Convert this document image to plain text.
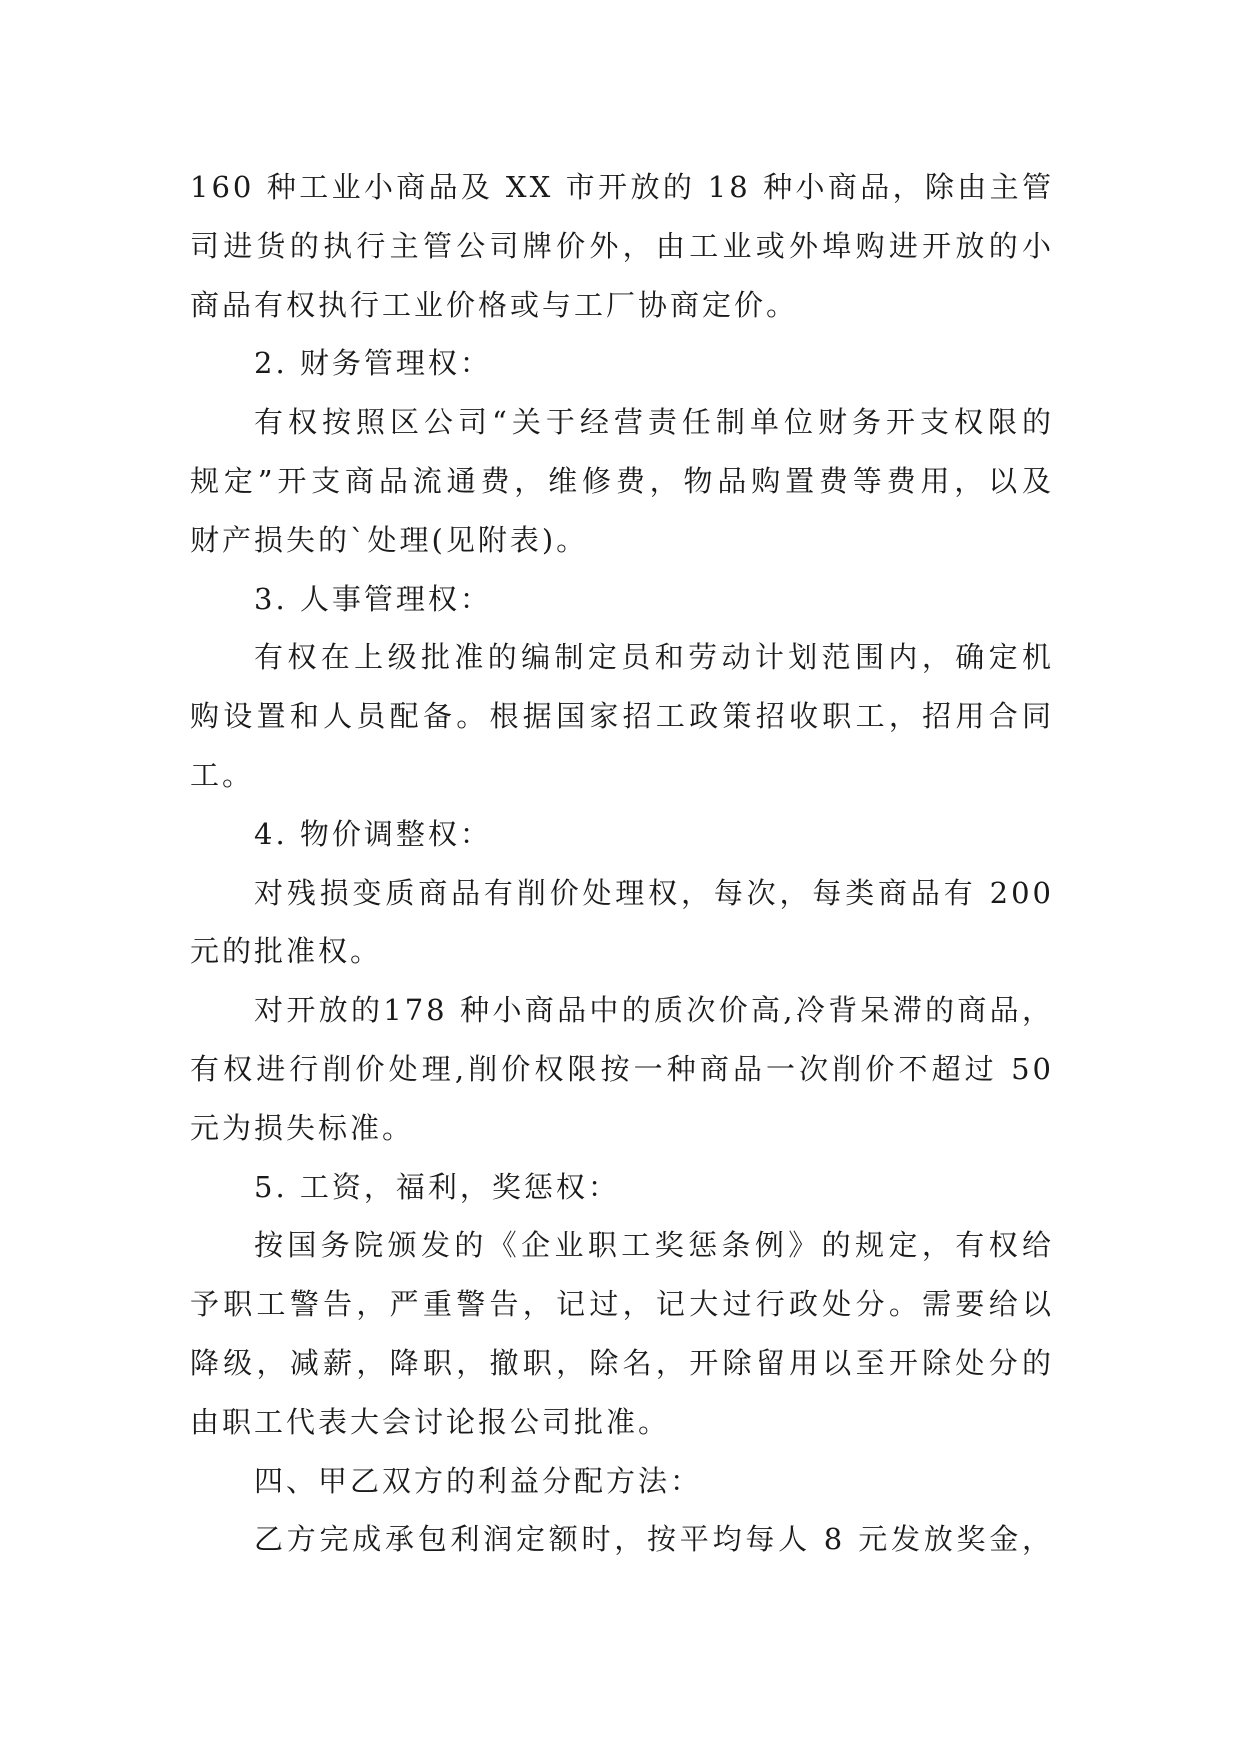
160 种工业小商品及 XX 市开放的 18 种小商品，除由主管
司进货的执行主管公司牌价外，由工业或外埠购进开放的小
商品有权执行工业价格或与工厂协商定价。
2. 财务管理权：
有权按照区公司“关于经营责任制单位财务开支权限的
规定”开支商品流通费，维修费，物品购置费等费用，以及
财产损失的`处理(见附表)。
3. 人事管理权：
有权在上级批准的编制定员和劳动计划范围内，确定机
购设置和人员配备。根据国家招工政策招收职工，招用合同
工。
4. 物价调整权：
对残损变质商品有削价处理权，每次，每类商品有 200
元的批准权。
对开放的178 种小商品中的质次价高,冷背呆滞的商品，
有权进行削价处理,削价权限按一种商品一次削价不超过 50
元为损失标准。
5. 工资，福利，奖惩权：
按国务院颁发的《企业职工奖惩条例》的规定，有权给
予职工警告，严重警告，记过，记大过行政处分。需要给以
降级，减薪，降职，撤职，除名，开除留用以至开除处分的
由职工代表大会讨论报公司批准。
四、甲乙双方的利益分配方法：
乙方完成承包利润定额时，按平均每人 8 元发放奖金，
